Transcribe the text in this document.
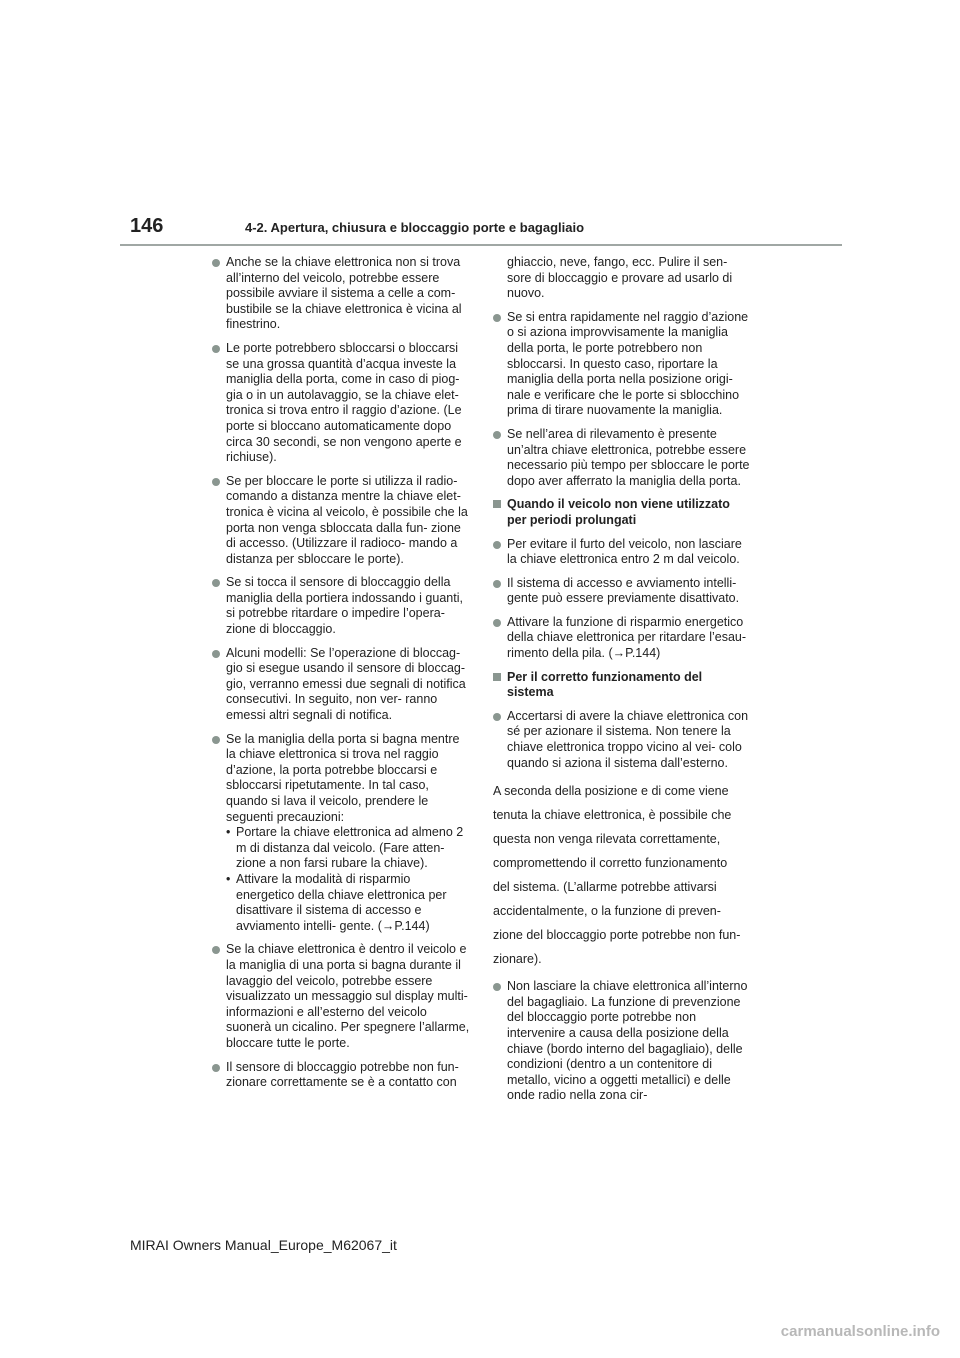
146	4-2. Apertura, chiusura e bloccaggio porte e bagagliaio
Anche se la chiave elettronica non si trova all’interno del veicolo, potrebbe essere possibile avviare il sistema a celle a com- bustibile se la chiave elettronica è vicina al finestrino.
Le porte potrebbero sbloccarsi o bloccarsi se una grossa quantità d’acqua investe la maniglia della porta, come in caso di piog- gia o in un autolavaggio, se la chiave elet- tronica si trova entro il raggio d’azione. (Le porte si bloccano automaticamente dopo circa 30 secondi, se non vengono aperte e richiuse).
Se per bloccare le porte si utilizza il radio- comando a distanza mentre la chiave elet- tronica è vicina al veicolo, è possibile che la porta non venga sbloccata dalla fun- zione di accesso. (Utilizzare il radioco- mando a distanza per sbloccare le porte).
Se si tocca il sensore di bloccaggio della maniglia della portiera indossando i guanti, si potrebbe ritardare o impedire l’opera- zione di bloccaggio.
Alcuni modelli: Se l’operazione di bloccag- gio si esegue usando il sensore di bloccag- gio, verranno emessi due segnali di notifica consecutivi. In seguito, non ver- ranno emessi altri segnali di notifica.
Se la maniglia della porta si bagna mentre la chiave elettronica si trova nel raggio d’azione, la porta potrebbe bloccarsi e sbloccarsi ripetutamente. In tal caso, quando si lava il veicolo, prendere le seguenti precauzioni:
• Portare la chiave elettronica ad almeno 2 m di distanza dal veicolo. (Fare atten- zione a non farsi rubare la chiave).
• Attivare la modalità di risparmio energetico della chiave elettronica per disattivare il sistema di accesso e avviamento intelli- gente. (→P.144)
Se la chiave elettronica è dentro il veicolo e la maniglia di una porta si bagna durante il lavaggio del veicolo, potrebbe essere visualizzato un messaggio sul display multi-informazioni e all’esterno del veicolo suonerà un cicalino. Per spegnere l’allarme, bloccare tutte le porte.
Il sensore di bloccaggio potrebbe non fun- zionare correttamente se è a contatto con
ghiaccio, neve, fango, ecc. Pulire il sen- sore di bloccaggio e provare ad usarlo di nuovo.
Se si entra rapidamente nel raggio d’azione o si aziona improvvisamente la maniglia della porta, le porte potrebbero non sbloccarsi. In questo caso, riportare la maniglia della porta nella posizione origi- nale e verificare che le porte si sblocchino prima di tirare nuovamente la maniglia.
Se nell’area di rilevamento è presente un’altra chiave elettronica, potrebbe essere necessario più tempo per sbloccare le porte dopo aver afferrato la maniglia della porta.
Quando il veicolo non viene utilizzato per periodi prolungati
Per evitare il furto del veicolo, non lasciare la chiave elettronica entro 2 m dal veicolo.
Il sistema di accesso e avviamento intelli- gente può essere previamente disattivato.
Attivare la funzione di risparmio energetico della chiave elettronica per ritardare l’esau- rimento della pila. (→P.144)
Per il corretto funzionamento del sistema
Accertarsi di avere la chiave elettronica con sé per azionare il sistema. Non tenere la chiave elettronica troppo vicino al vei- colo quando si aziona il sistema dall’esterno.

A seconda della posizione e di come viene

tenuta la chiave elettronica, è possibile che

questa non venga rilevata correttamente,

compromettendo il corretto funzionamento

del sistema. (L’allarme potrebbe attivarsi

accidentalmente, o la funzione di preven-

zione del bloccaggio porte potrebbe non fun-

zionare).

Non lasciare la chiave elettronica all’interno del bagagliaio. La funzione di prevenzione del bloccaggio porte potrebbe non intervenire a causa della posizione della chiave (bordo interno del bagagliaio), delle condizioni (dentro a un contenitore di metallo, vicino a oggetti metallici) e delle onde radio nella zona cir-
MIRAI Owners Manual_Europe_M62067_it
carmanualsonline.info
